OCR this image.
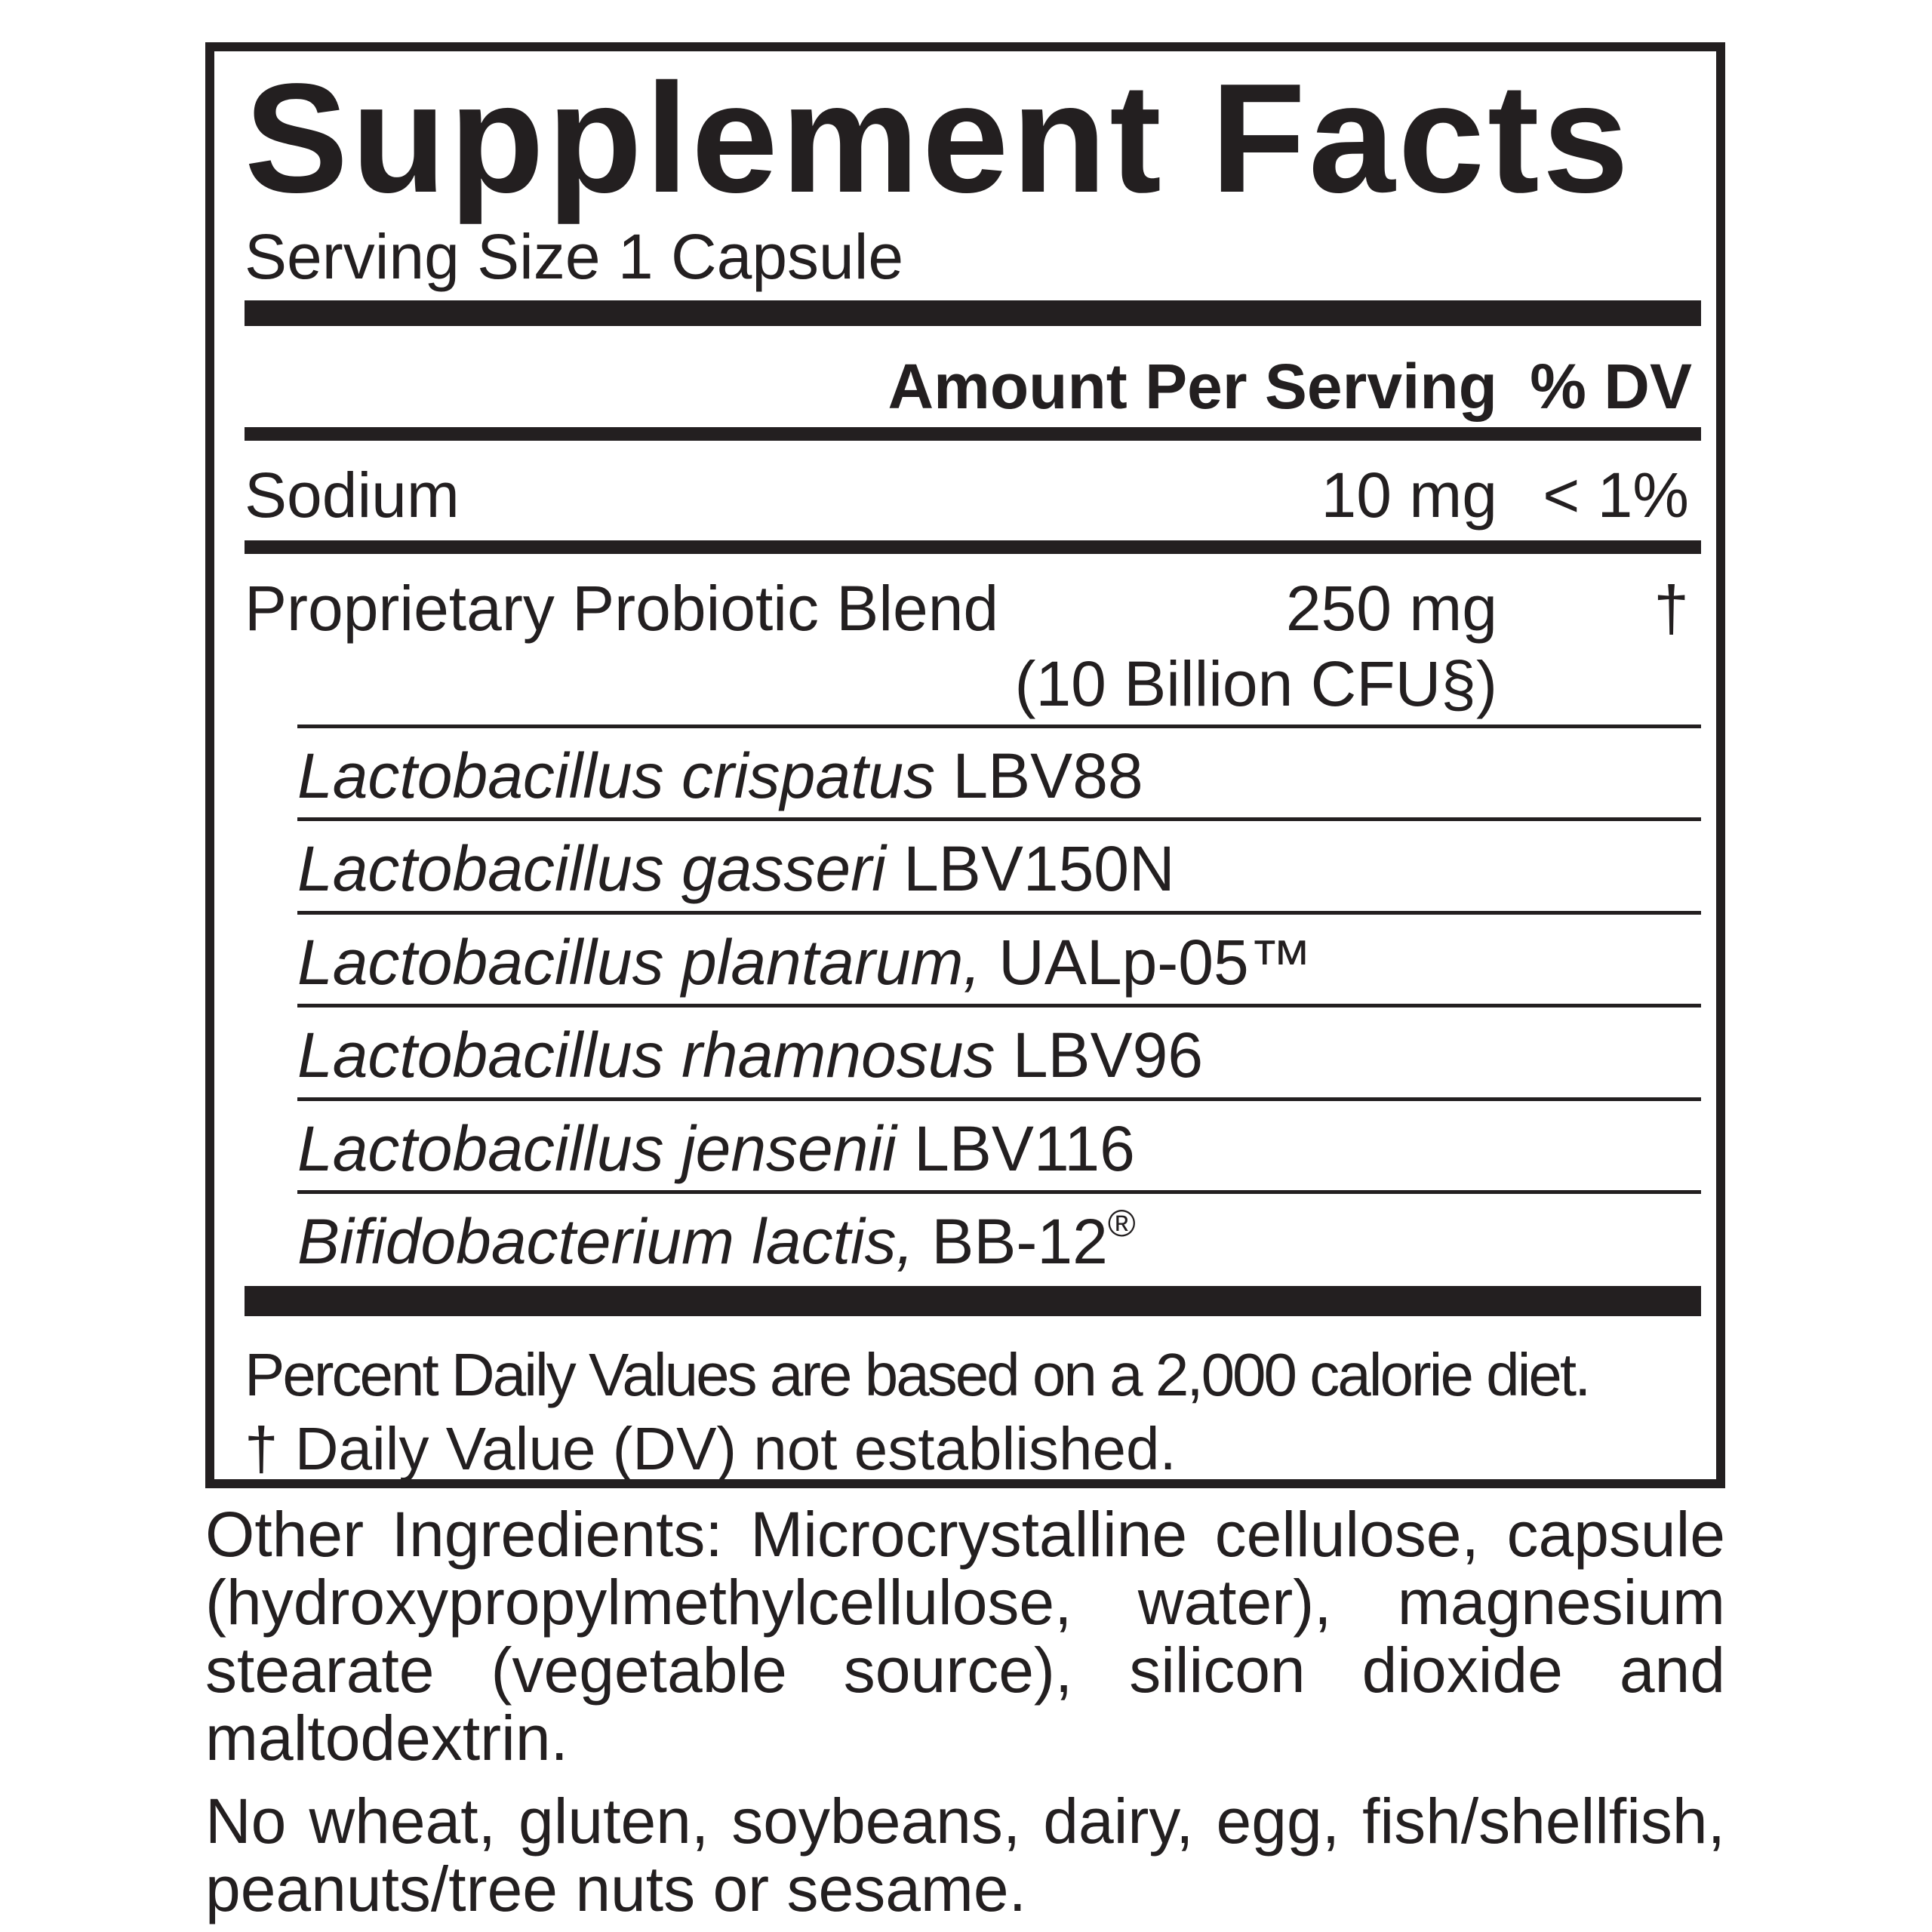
Supplement Facts
Serving Size 1 Capsule
Amount Per Serving % DV
Sodium	10 mg < 1%
Proprietary Probiotic Blend	250 mg
(10 Billion CFU§)
†
Lactobacillus crispatus LBV88
Lactobacillus gasseri LBV150N
Lactobacillus plantarum, UALp-05™
Lactobacillus rhamnosus LBV96
Lactobacillus jensenii LBV116
Bifidobacterium lactis, BB-12®
Percent Daily Values are based on a 2,000 calorie diet.
† Daily Value (DV) not established.
Other Ingredients: Microcrystalline cellulose, capsule (hydroxypropylmethylcellulose, water), magnesium stearate (vegetable source), silicon dioxide and maltodextrin.
No wheat, gluten, soybeans, dairy, egg, fish/shellfish, peanuts/tree nuts or sesame.
